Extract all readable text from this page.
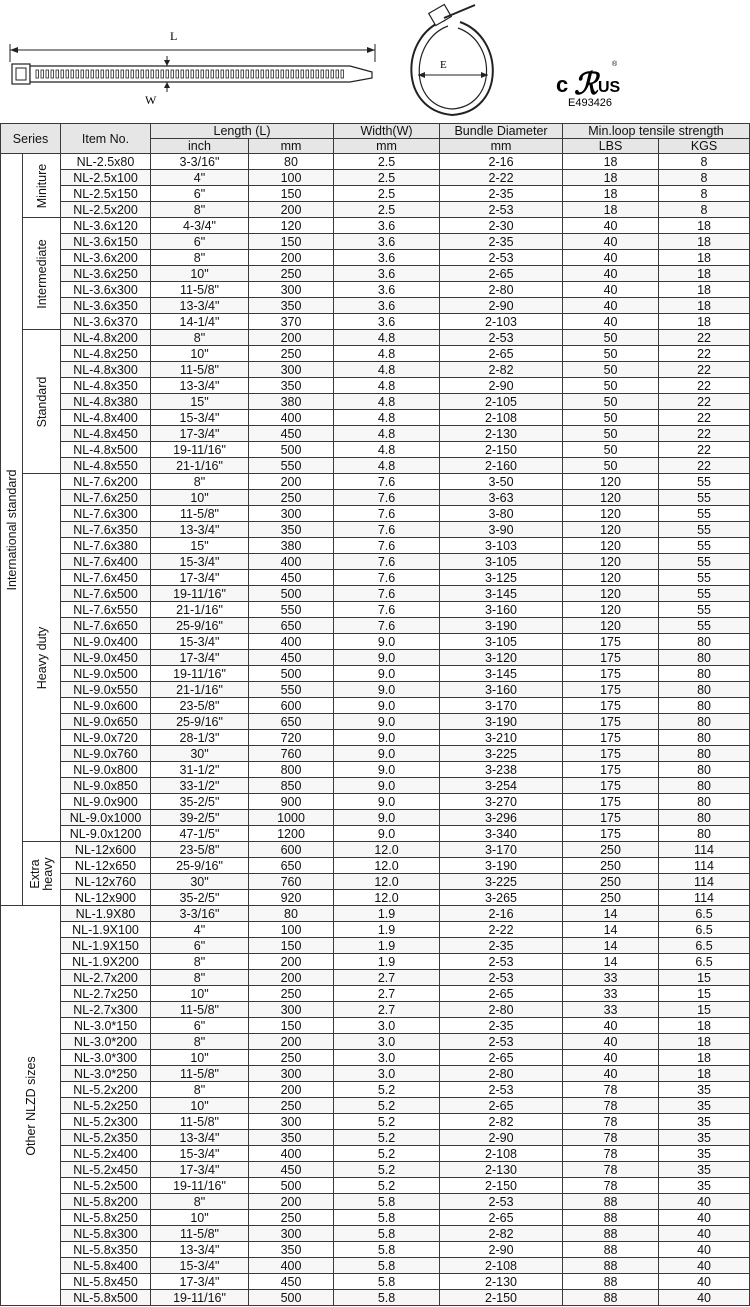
L
W
E
c ℛ US
®
E493426
Series		Item No.	Length (L)		Width(W)	Bundle Diameter	Min.loop tensile strength	
			inch	mm	mm	mm	LBS	KGS

International standard	Miniture	NL-2.5x80	3-3/16"	80	2.5	2-16	18	8
		NL-2.5x100	4"	100	2.5	2-22	18	8
		NL-2.5x150	6"	150	2.5	2-35	18	8
		NL-2.5x200	8"	200	2.5	2-53	18	8

	Intermediate	NL-3.6x120	4-3/4"	120	3.6	2-30	40	18
		NL-3.6x150	6"	150	3.6	2-35	40	18
		NL-3.6x200	8"	200	3.6	2-53	40	18
		NL-3.6x250	10"	250	3.6	2-65	40	18
		NL-3.6x300	11-5/8"	300	3.6	2-80	40	18
		NL-3.6x350	13-3/4"	350	3.6	2-90	40	18
		NL-3.6x370	14-1/4"	370	3.6	2-103	40	18

	Standard	NL-4.8x200	8"	200	4.8	2-53	50	22
		NL-4.8x250	10"	250	4.8	2-65	50	22
		NL-4.8x300	11-5/8"	300	4.8	2-82	50	22
		NL-4.8x350	13-3/4"	350	4.8	2-90	50	22
		NL-4.8x380	15"	380	4.8	2-105	50	22
		NL-4.8x400	15-3/4"	400	4.8	2-108	50	22
		NL-4.8x450	17-3/4"	450	4.8	2-130	50	22
		NL-4.8x500	19-11/16"	500	4.8	2-150	50	22
		NL-4.8x550	21-1/16"	550	4.8	2-160	50	22

	Heavy duty	NL-7.6x200	8"	200	7.6	3-50	120	55
		NL-7.6x250	10"	250	7.6	3-63	120	55
		NL-7.6x300	11-5/8"	300	7.6	3-80	120	55
		NL-7.6x350	13-3/4"	350	7.6	3-90	120	55
		NL-7.6x380	15"	380	7.6	3-103	120	55
		NL-7.6x400	15-3/4"	400	7.6	3-105	120	55
		NL-7.6x450	17-3/4"	450	7.6	3-125	120	55
		NL-7.6x500	19-11/16"	500	7.6	3-145	120	55
		NL-7.6x550	21-1/16"	550	7.6	3-160	120	55
		NL-7.6x650	25-9/16"	650	7.6	3-190	120	55
		NL-9.0x400	15-3/4"	400	9.0	3-105	175	80
		NL-9.0x450	17-3/4"	450	9.0	3-120	175	80
		NL-9.0x500	19-11/16"	500	9.0	3-145	175	80
		NL-9.0x550	21-1/16"	550	9.0	3-160	175	80
		NL-9.0x600	23-5/8"	600	9.0	3-170	175	80
		NL-9.0x650	25-9/16"	650	9.0	3-190	175	80
		NL-9.0x720	28-1/3"	720	9.0	3-210	175	80
		NL-9.0x760	30"	760	9.0	3-225	175	80
		NL-9.0x800	31-1/2"	800	9.0	3-238	175	80
		NL-9.0x850	33-1/2"	850	9.0	3-254	175	80
		NL-9.0x900	35-2/5"	900	9.0	3-270	175	80
		NL-9.0x1000	39-2/5"	1000	9.0	3-296	175	80
		NL-9.0x1200	47-1/5"	1200	9.0	3-340	175	80

	Extra heavy	NL-12x600	23-5/8"	600	12.0	3-170	250	114
		NL-12x650	25-9/16"	650	12.0	3-190	250	114
		NL-12x760	30"	760	12.0	3-225	250	114
		NL-12x900	35-2/5"	920	12.0	3-265	250	114

Other NLZD sizes		NL-1.9X80	3-3/16"	80	1.9	2-16	14	6.5
		NL-1.9X100	4"	100	1.9	2-22	14	6.5
		NL-1.9X150	6"	150	1.9	2-35	14	6.5
		NL-1.9X200	8"	200	1.9	2-53	14	6.5
		NL-2.7x200	8"	200	2.7	2-53	33	15
		NL-2.7x250	10"	250	2.7	2-65	33	15
		NL-2.7x300	11-5/8"	300	2.7	2-80	33	15
		NL-3.0*150	6"	150	3.0	2-35	40	18
		NL-3.0*200	8"	200	3.0	2-53	40	18
		NL-3.0*300	10"	250	3.0	2-65	40	18
		NL-3.0*250	11-5/8"	300	3.0	2-80	40	18
		NL-5.2x200	8"	200	5.2	2-53	78	35
		NL-5.2x250	10"	250	5.2	2-65	78	35
		NL-5.2x300	11-5/8"	300	5.2	2-82	78	35
		NL-5.2x350	13-3/4"	350	5.2	2-90	78	35
		NL-5.2x400	15-3/4"	400	5.2	2-108	78	35
		NL-5.2x450	17-3/4"	450	5.2	2-130	78	35
		NL-5.2x500	19-11/16"	500	5.2	2-150	78	35
		NL-5.8x200	8"	200	5.8	2-53	88	40
		NL-5.8x250	10"	250	5.8	2-65	88	40
		NL-5.8x300	11-5/8"	300	5.8	2-82	88	40
		NL-5.8x350	13-3/4"	350	5.8	2-90	88	40
		NL-5.8x400	15-3/4"	400	5.8	2-108	88	40
		NL-5.8x450	17-3/4"	450	5.8	2-130	88	40
		NL-5.8x500	19-11/16"	500	5.8	2-150	88	40
